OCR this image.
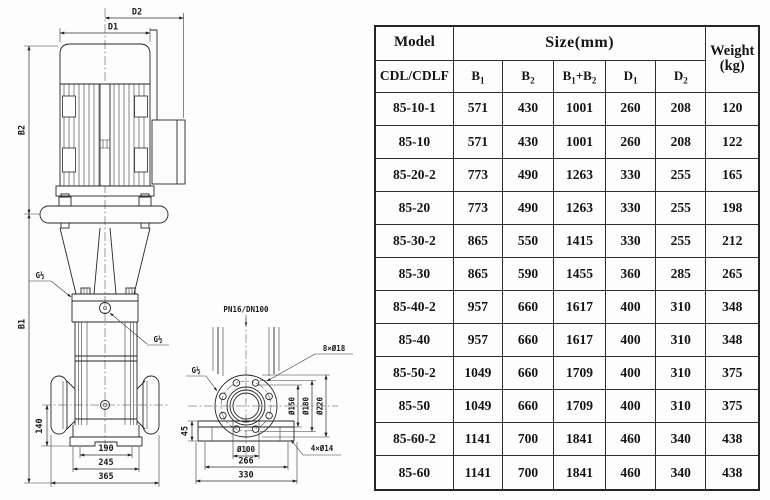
D2
D1
G½
G½
140
190
245
365
B2
B1
PN16/DN100
Ø150 Ø180 Ø220
8×Ø18
G½
45
Ø100
266
330
4×Ø14
Model	Size(mm)					Weight
(kg)
CDL/CDLF	$B_1$	$B_2$	$B_1+B_2$	$D_1$	$D_2$
85-10-1	571	430	1001	260	208	120
85-10	571	430	1001	260	208	122
85-20-2	773	490	1263	330	255	165
85-20	773	490	1263	330	255	198
85-30-2	865	550	1415	330	255	212
85-30	865	590	1455	360	285	265
85-40-2	957	660	1617	400	310	348
85-40	957	660	1617	400	310	348
85-50-2	1049	660	1709	400	310	375
85-50	1049	660	1709	400	310	375
85-60-2	1141	700	1841	460	340	438
85-60	1141	700	1841	460	340	438
